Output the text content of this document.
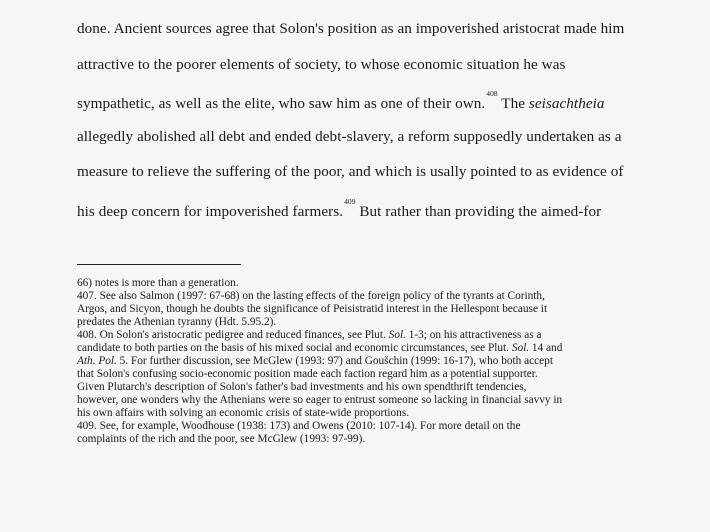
done. Ancient sources agree that Solon's position as an impoverished aristocrat made him
attractive to the poorer elements of society, to whose economic situation he was
sympathetic, as well as the elite, who saw him as one of their own.$^{408}$ The seisachtheia
allegedly abolished all debt and ended debt-slavery, a reform supposedly undertaken as a
measure to relieve the suffering of the poor, and which is usally pointed to as evidence of
his deep concern for impoverished farmers.$^{409}$ But rather than providing the aimed-for
66) notes is more than a generation.
407. See also Salmon (1997: 67-68) on the lasting effects of the foreign policy of the tyrants at Corinth,
Argos, and Sicyon, though he doubts the significance of Peisistratid interest in the Hellespont because it
predates the Athenian tyranny (Hdt. 5.95.2).
408. On Solon's aristocratic pedigree and reduced finances, see Plut. Sol. 1-3; on his attractiveness as a
candidate to both parties on the basis of his mixed social and economic circumstances, see Plut. Sol. 14 and
Ath. Pol. 5. For further discussion, see McGlew (1993: 97) and Goušchin (1999: 16-17), who both accept
that Solon's confusing socio-economic position made each faction regard him as a potential supporter.
Given Plutarch's description of Solon's father's bad investments and his own spendthrift tendencies,
however, one wonders why the Athenians were so eager to entrust someone so lacking in financial savvy in
his own affairs with solving an economic crisis of state-wide proportions.
409. See, for example, Woodhouse (1938: 173) and Owens (2010: 107-14). For more detail on the
complaints of the rich and the poor, see McGlew (1993: 97-99).
